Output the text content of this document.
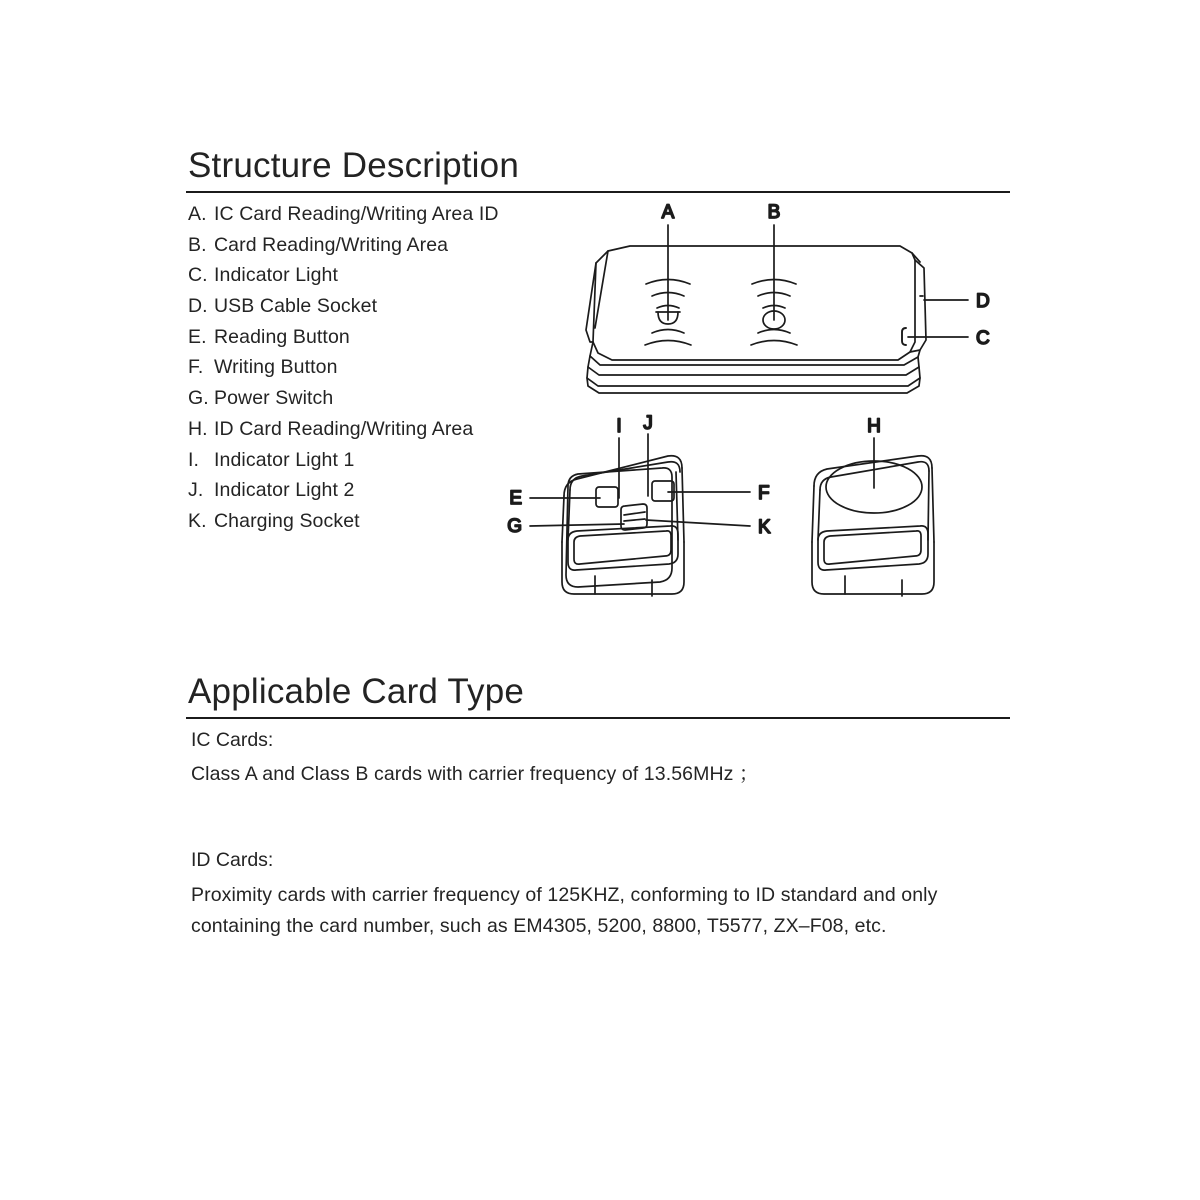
Structure Description
A. IC Card Reading/Writing Area ID
B. Card Reading/Writing Area
C. Indicator Light
D. USB Cable Socket
E. Reading Button
F. Writing Button
G. Power Switch
H. ID Card Reading/Writing Area
I. Indicator Light 1
J. Indicator Light 2
K. Charging Socket
A	B
D
C
E	F
G	K
I J	H
Applicable Card Type
IC Cards:
Class A and Class B cards with carrier frequency of 13.56MHz ；
ID Cards:
Proximity cards with carrier frequency of 125KHZ, conforming to ID standard and only containing the card number, such as EM4305, 5200, 8800, T5577, ZX–F08, etc.
